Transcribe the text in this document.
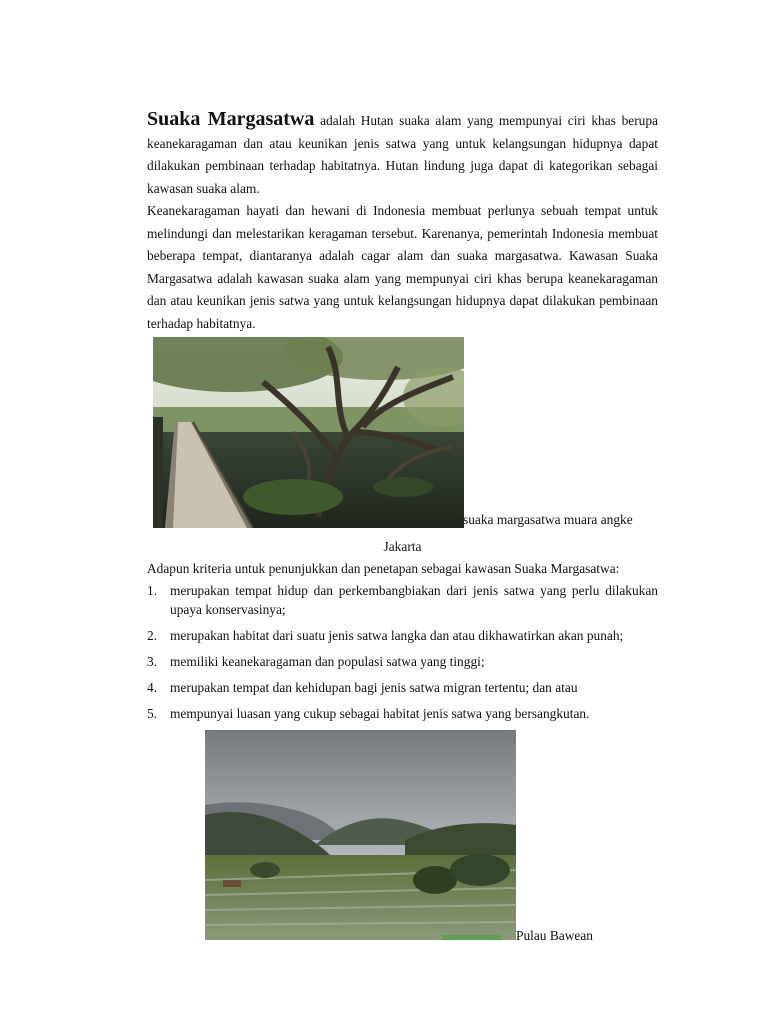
Suaka Margasatwa adalah Hutan suaka alam yang mempunyai ciri khas berupa keanekaragaman dan atau keunikan jenis satwa yang untuk kelangsungan hidupnya dapat dilakukan pembinaan terhadap habitatnya. Hutan lindung juga dapat di kategorikan sebagai kawasan suaka alam.

Keanekaragaman hayati dan hewani di Indonesia membuat perlunya sebuah tempat untuk melindungi dan melestarikan keragaman tersebut. Karenanya, pemerintah Indonesia membuat beberapa tempat, diantaranya adalah cagar alam dan suaka margasatwa. Kawasan Suaka Margasatwa adalah kawasan suaka alam yang mempunyai ciri khas berupa keanekaragaman dan atau keunikan jenis satwa yang untuk kelangsungan hidupnya dapat dilakukan pembinaan terhadap habitatnya.

suaka margasatwa muara angke
Jakarta

Adapun kriteria untuk penunjukkan dan penetapan sebagai kawasan Suaka Margasatwa:

1. merupakan tempat hidup dan perkembangbiakan dari jenis satwa yang perlu dilakukan upaya konservasinya;
2. merupakan habitat dari suatu jenis satwa langka dan atau dikhawatirkan akan punah;
3. memiliki keanekaragaman dan populasi satwa yang tinggi;
4. merupakan tempat dan kehidupan bagi jenis satwa migran tertentu; dan atau
5. mempunyai luasan yang cukup sebagai habitat jenis satwa yang bersangkutan.
Pulau Bawean
